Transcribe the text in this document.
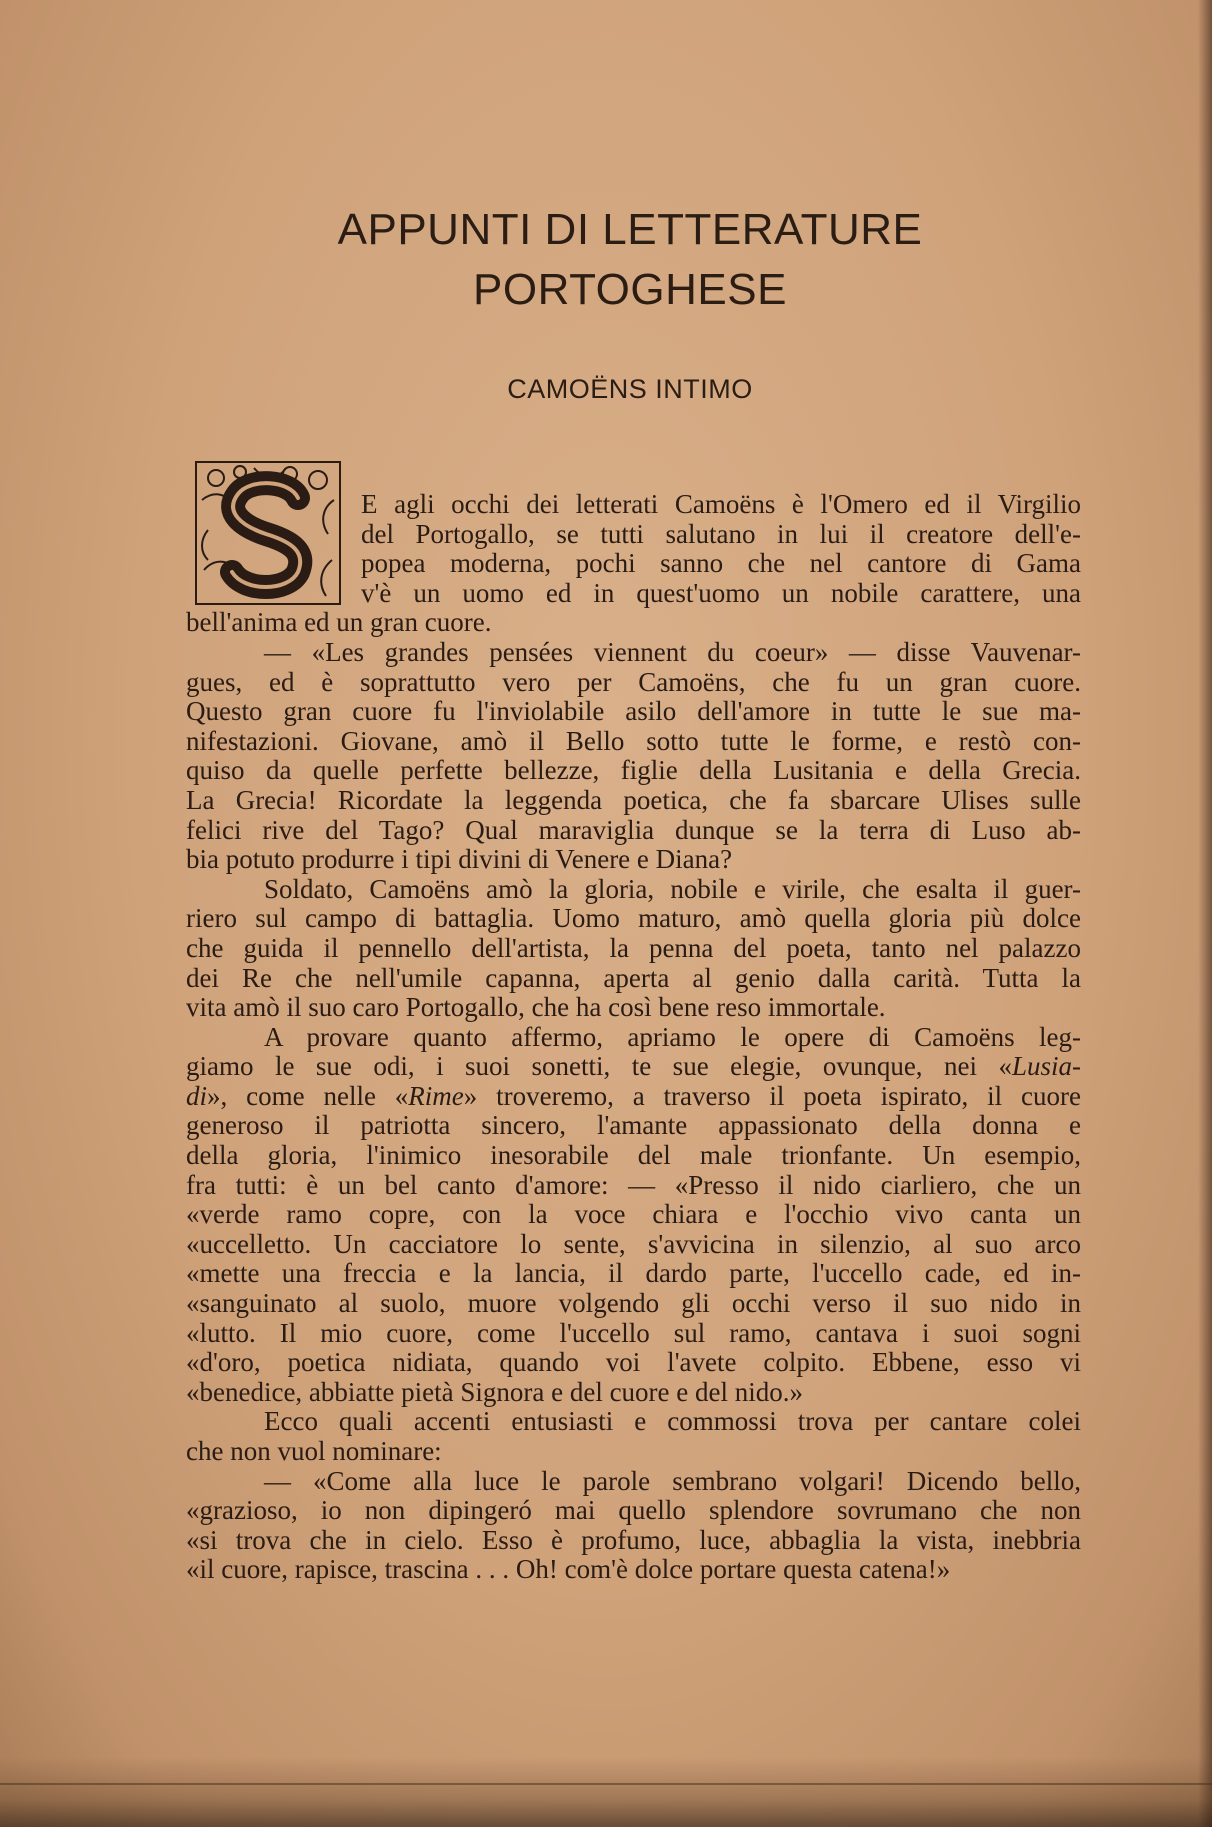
APPUNTI DI LETTERATURE
PORTOGHESE
CAMOËNS INTIMO
E agli occhi dei letterati Camoëns è l'Omero ed il Virgilio
del Portogallo, se tutti salutano in lui il creatore dell'e-
popea moderna, pochi sanno che nel cantore di Gama
v'è un uomo ed in quest'uomo un nobile carattere, una
bell'anima ed un gran cuore.
— «Les grandes pensées viennent du coeur» — disse Vauvenar-
gues, ed è soprattutto vero per Camoëns, che fu un gran cuore.
Questo gran cuore fu l'inviolabile asilo dell'amore in tutte le sue ma-
nifestazioni. Giovane, amò il Bello sotto tutte le forme, e restò con-
quiso da quelle perfette bellezze, figlie della Lusitania e della Grecia.
La Grecia! Ricordate la leggenda poetica, che fa sbarcare Ulises sulle
felici rive del Tago? Qual maraviglia dunque se la terra di Luso ab-
bia potuto produrre i tipi divini di Venere e Diana?
Soldato, Camoëns amò la gloria, nobile e virile, che esalta il guer-
riero sul campo di battaglia. Uomo maturo, amò quella gloria più dolce
che guida il pennello dell'artista, la penna del poeta, tanto nel palazzo
dei Re che nell'umile capanna, aperta al genio dalla carità. Tutta la
vita amò il suo caro Portogallo, che ha così bene reso immortale.
A provare quanto affermo, apriamo le opere di Camoëns leg-
giamo le sue odi, i suoi sonetti, te sue elegie, ovunque, nei «Lusia-
di», come nelle «Rime» troveremo, a traverso il poeta ispirato, il cuore
generoso il patriotta sincero, l'amante appassionato della donna e
della gloria, l'inimico inesorabile del male trionfante. Un esempio,
fra tutti: è un bel canto d'amore: — «Presso il nido ciarliero, che un
«verde ramo copre, con la voce chiara e l'occhio vivo canta un
«uccelletto. Un cacciatore lo sente, s'avvicina in silenzio, al suo arco
«mette una freccia e la lancia, il dardo parte, l'uccello cade, ed in-
«sanguinato al suolo, muore volgendo gli occhi verso il suo nido in
«lutto. Il mio cuore, come l'uccello sul ramo, cantava i suoi sogni
«d'oro, poetica nidiata, quando voi l'avete colpito. Ebbene, esso vi
«benedice, abbiatte pietà Signora e del cuore e del nido.»
Ecco quali accenti entusiasti e commossi trova per cantare colei
che non vuol nominare:
— «Come alla luce le parole sembrano volgari! Dicendo bello,
«grazioso, io non dipingeró mai quello splendore sovrumano che non
«si trova che in cielo. Esso è profumo, luce, abbaglia la vista, inebbria
«il cuore, rapisce, trascina . . . Oh! com'è dolce portare questa catena!»
